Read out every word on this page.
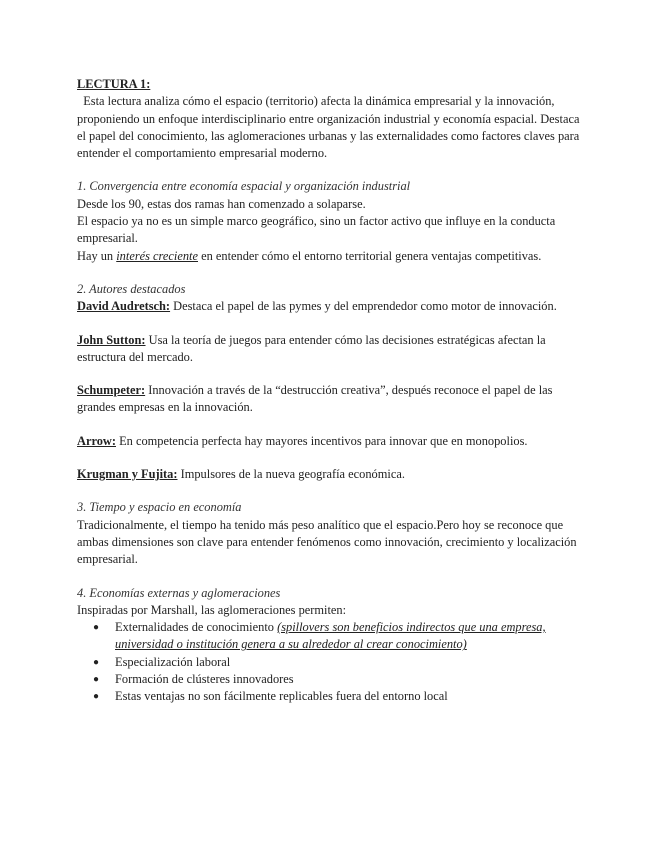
LECTURA 1:

Esta lectura analiza cómo el espacio (territorio) afecta la dinámica empresarial y la innovación, proponiendo un enfoque interdisciplinario entre organización industrial y economía espacial. Destaca el papel del conocimiento, las aglomeraciones urbanas y las externalidades como factores claves para entender el comportamiento empresarial moderno.

1. Convergencia entre economía espacial y organización industrial

Desde los 90, estas dos ramas han comenzado a solaparse.

El espacio ya no es un simple marco geográfico, sino un factor activo que influye en la conducta empresarial.

Hay un interés creciente en entender cómo el entorno territorial genera ventajas competitivas.

2. Autores destacados

David Audretsch: Destaca el papel de las pymes y del emprendedor como motor de innovación.

John Sutton: Usa la teoría de juegos para entender cómo las decisiones estratégicas afectan la estructura del mercado.

Schumpeter: Innovación a través de la “destrucción creativa”, después reconoce el papel de las grandes empresas en la innovación.

Arrow: En competencia perfecta hay mayores incentivos para innovar que en monopolios.

Krugman y Fujita: Impulsores de la nueva geografía económica.

3. Tiempo y espacio en economía

Tradicionalmente, el tiempo ha tenido más peso analítico que el espacio.Pero hoy se reconoce que ambas dimensiones son clave para entender fenómenos como innovación, crecimiento y localización empresarial.

4. Economías externas y aglomeraciones

Inspiradas por Marshall, las aglomeraciones permiten:

● Externalidades de conocimiento (spillovers son beneficios indirectos que una empresa, universidad o institución genera a su alrededor al crear conocimiento)
● Especialización laboral
● Formación de clústeres innovadores
● Estas ventajas no son fácilmente replicables fuera del entorno local
